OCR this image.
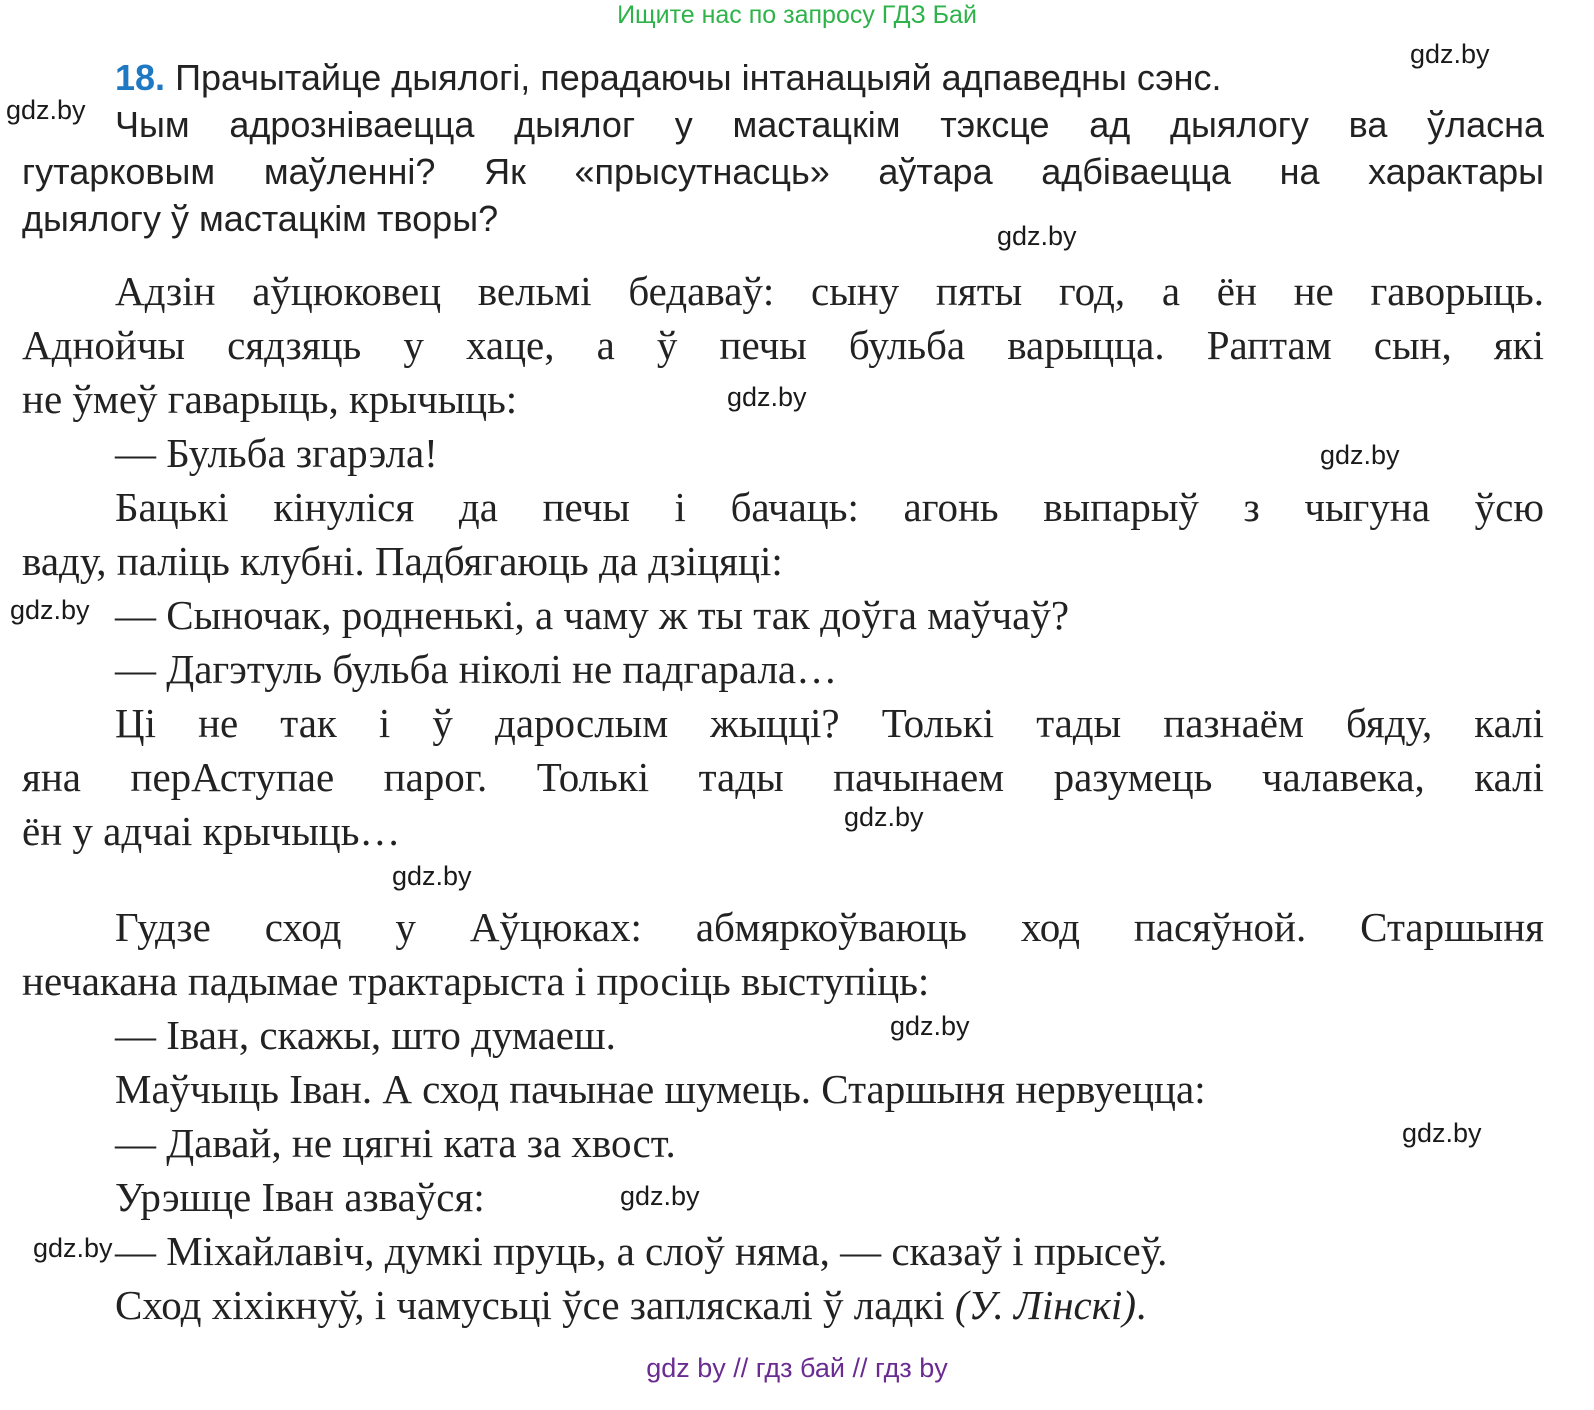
Ищите нас по запросу ГДЗ Бай
18. Прачытайце дыялогі, перадаючы інтанацыяй адпаведны сэнс.
Чым адрозніваецца дыялог у мастацкім тэксце ад дыялогу ва ўласна
гутарковым маўленні? Як «прысутнасць» аўтара адбіваецца на характары
дыялогу ў мастацкім творы?
Адзін аўцюковец вельмі бедаваў: сыну пяты год, а ён не гаворыць.
Аднойчы сядзяць у хаце, а ў печы бульба варыцца. Раптам сын, які
не ўмеў гаварыць, крычыць:
— Бульба згарэла!
Бацькі кінуліся да печы і бачаць: агонь выпарыў з чыгуна ўсю
ваду, паліць клубні. Падбягаюць да дзіцяці:
— Сыночак, родненькі, а чаму ж ты так доўга маўчаў?
— Дагэтуль бульба ніколі не падгарала…
Ці не так і ў дарослым жыцці? Толькі тады пазнаём бяду, калі
яна перАступае парог. Толькі тады пачынаем разумець чалавека, калі
ён у адчаі крычыць…
Гудзе сход у Аўцюках: абмяркоўваюць ход пасяўной. Старшыня
нечакана падымае трактарыста і просіць выступіць:
— Іван, скажы, што думаеш.
Маўчыць Іван. А сход пачынае шумець. Старшыня нервуецца:
— Давай, не цягні ката за хвост.
Урэшце Іван азваўся:
— Міхайлавіч, думкі пруць, а слоў няма, — сказаў і прысеў.
Сход хіхікнуў, і чамусьці ўсе запляскалі ў ладкі (У. Лінскі).
gdz.by
gdz.by
gdz.by
gdz.by
gdz.by
gdz.by
gdz.by
gdz.by
gdz.by
gdz.by
gdz.by
gdz.by
gdz by // гдз бай // гдз by
